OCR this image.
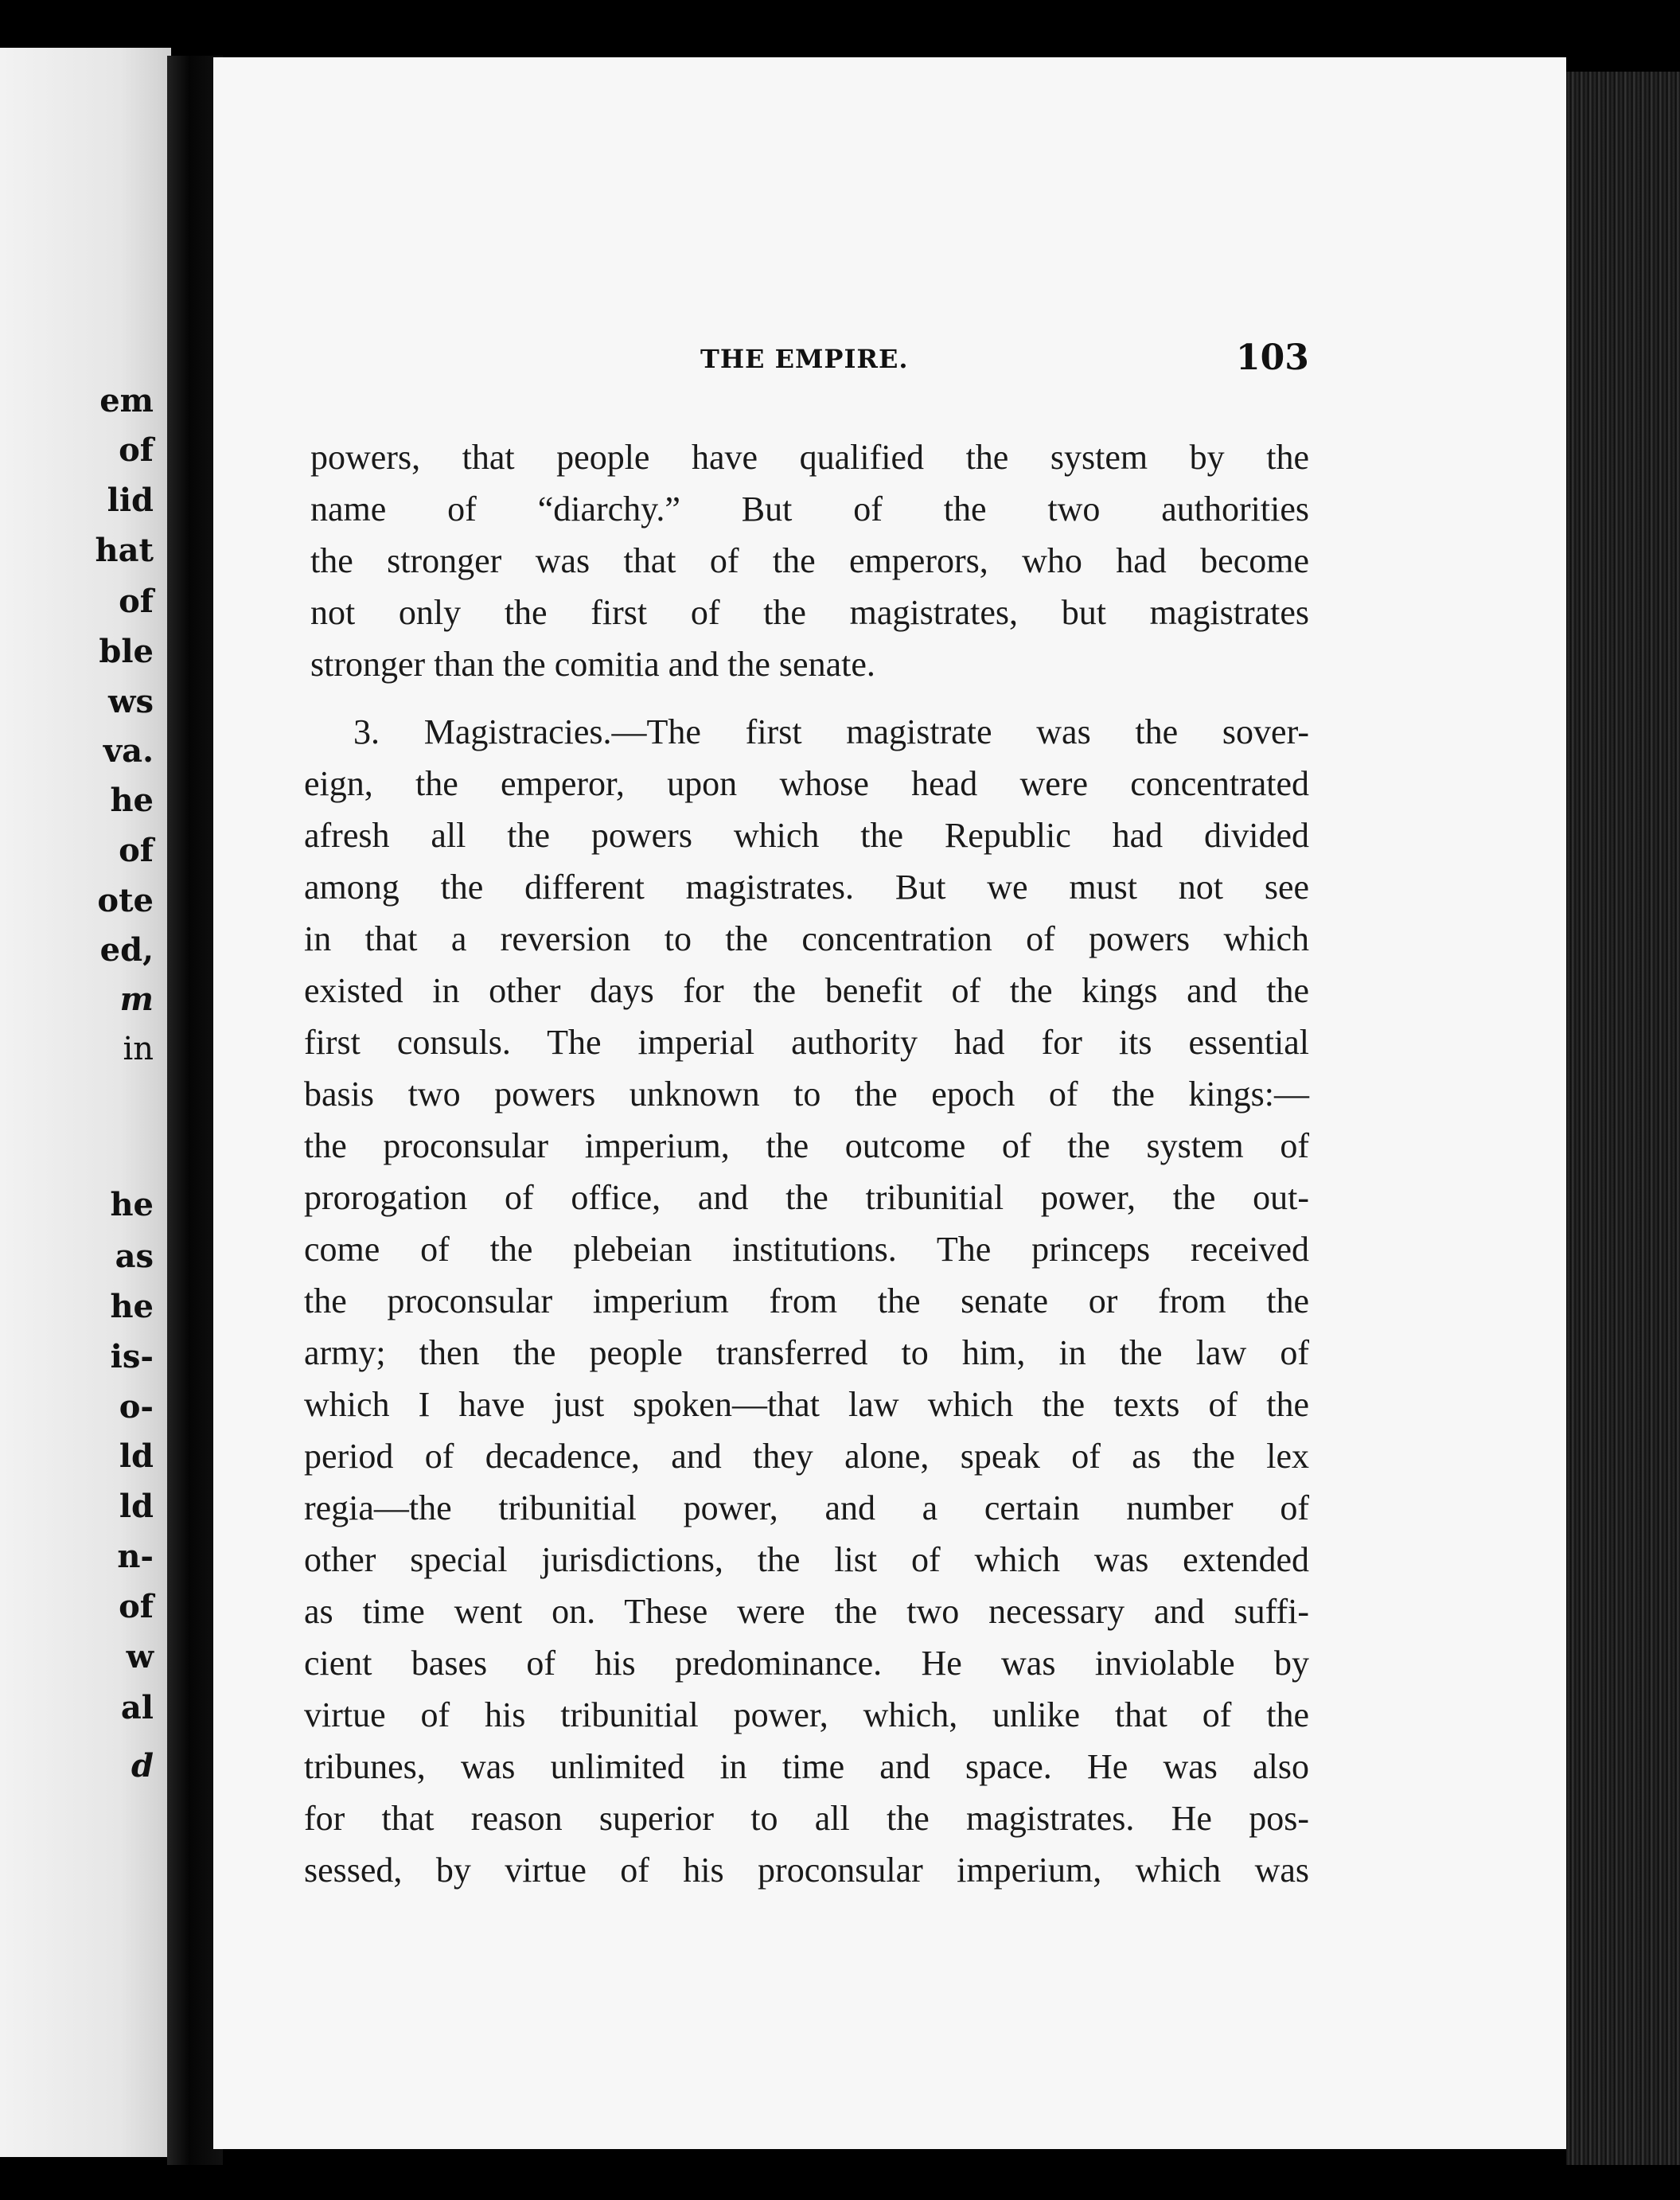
em
of
lid
hat
of
ble
ws
va.
he
of
ote
ed,
m
in
he
as
he
is-
o-
ld
ld
n-
of
w
al
d
THE EMPIRE.	103
powers, that people have qualified the system by the
name of “diarchy.” But of the two authorities
the stronger was that of the emperors, who had become
not only the first of the magistrates, but magistrates
stronger than the comitia and the senate.
3. Magistracies.—The first magistrate was the sover-
eign, the emperor, upon whose head were concentrated
afresh all the powers which the Republic had divided
among the different magistrates. But we must not see
in that a reversion to the concentration of powers which
existed in other days for the benefit of the kings and the
first consuls. The imperial authority had for its essential
basis two powers unknown to the epoch of the kings:—
the proconsular imperium, the outcome of the system of
prorogation of office, and the tribunitial power, the out-
come of the plebeian institutions. The princeps received
the proconsular imperium from the senate or from the
army; then the people transferred to him, in the law of
which I have just spoken—that law which the texts of the
period of decadence, and they alone, speak of as the lex
regia—the tribunitial power, and a certain number of
other special jurisdictions, the list of which was extended
as time went on. These were the two necessary and suffi-
cient bases of his predominance. He was inviolable by
virtue of his tribunitial power, which, unlike that of the
tribunes, was unlimited in time and space. He was also
for that reason superior to all the magistrates. He pos-
sessed, by virtue of his proconsular imperium, which was
